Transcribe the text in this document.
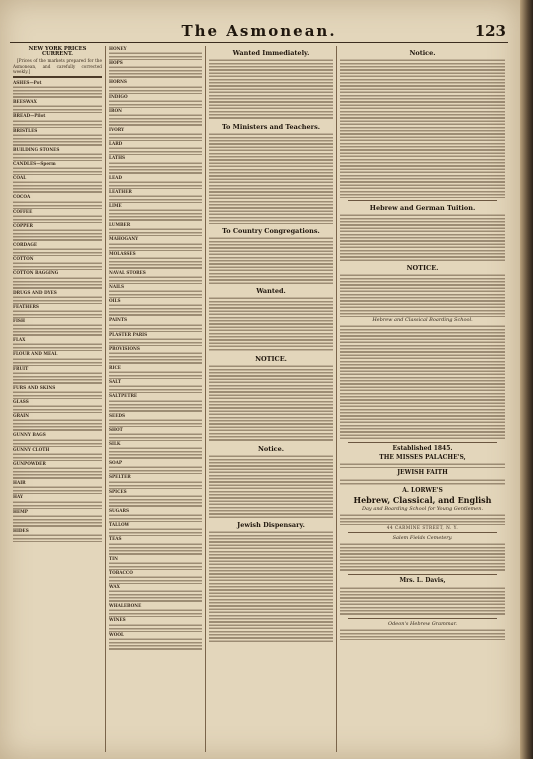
The Asmonean.	123
NEW YORK PRICES CURRENT.
[Prices of the markets prepared for the Asmonean, and carefully corrected weekly.]
ASHES—Pot
BEESWAX
BREAD—Pilot
BRISTLES
BUILDING STONES
CANDLES—Sperm
COAL
COCOA
COFFEE
COPPER
CORDAGE
COTTON
COTTON BAGGING
DRUGS AND DYES
FEATHERS
FISH
FLAX
FLOUR AND MEAL
FRUIT
FURS AND SKINS
GLASS
GRAIN
GUNNY BAGS
GUNNY CLOTH
GUNPOWDER
HAIR
HAY
HEMP
HIDES
HONEY
HOPS
HORNS
INDIGO
IRON
IVORY
LARD
LATHS
LEAD
LEATHER
LIME
LUMBER
MAHOGANY
MOLASSES
NAVAL STORES
NAILS
OILS
PAINTS
PLASTER PARIS
PROVISIONS
RICE
SALT
SALTPETRE
SEEDS
SHOT
SILK
SOAP
SPELTER
SPICES
SUGARS
TALLOW
TEAS
TIN
TOBACCO
WAX
WHALEBONE
WINES
WOOL
Wanted Immediately.
To Ministers and Teachers.
To Country Congregations.
Wanted.
NOTICE.
Notice.
Jewish Dispensary.
Notice.
Hebrew and German Tuition.
NOTICE.
Hebrew and Classical Boarding School.
Established 1845.
THE MISSES PALACHE'S,
JEWISH FAITH
A. LORWE'S
Hebrew, Classical, and English
Day and Boarding School for Young Gentlemen.
44 CARMINE STREET, N. Y.
Salem Fields Cemetery.
Mrs. L. Davis,
Odeon's Hebrew Grammar.
